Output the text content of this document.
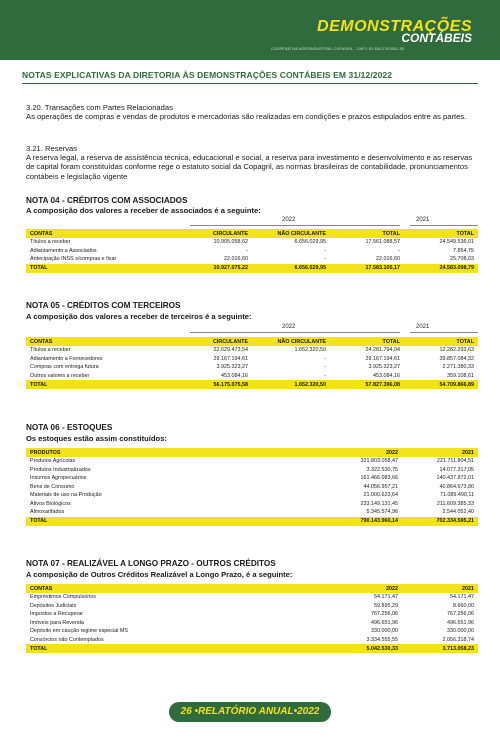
DEMONSTRAÇÕES
CONTÁBEIS
COOPERATIVA AGROINDUSTRIAL COPAGRIL - CNPJ: 81.584.278/0001-55
NOTAS EXPLICATIVAS DA DIRETORIA ÀS DEMONSTRAÇÕES CONTÁBEIS EM 31/12/2022
3.20. Transações com Partes Relacionadas
As operações de compras e vendas de produtos e mercadorias são realizadas em condições e prazos estipulados entre as partes.
3.21. Reservas
A reserva legal, a reserva de assistência técnica, educacional e social, a reserva para investimento e desenvolvimento e as reservas de capital foram constituídas conforme rege o estatuto social da Copagril, as normas brasileiras de contabilidade, pronunciamentos contábeis e legislação vigente
NOTA 04 - CRÉDITOS COM ASSOCIADOS
A composição dos valores a receber de associados é a seguinte:
2022	2021
CONTAS	CIRCULANTE	NÃO CIRCULANTE	TOTAL	TOTAL
Títulos a receber	10.905.058,62	6.656.029,95	17.561.088,57	24.549.536,01
Adiantamento a Associados	-	-	-	7.854,75
Antecipação INSS s/compras e fixar	22.016,60	-	22.016,60	25.708,03
TOTAL	10.927.075,22	6.656.029,95	17.583.105,17	24.583.098,79
NOTA 05 - CRÉDITOS COM TERCEIROS
A composição dos valores a receber de terceiros é a seguinte:
2022	2021
CONTAS	CIRCULANTE	NÃO CIRCULANTE	TOTAL	TOTAL
Títulos a receber	22.629.473,54	1.652.320,50	24.281.794,04	12.282.293,63
Adiantamento a Fornecedores	29.167.194,61	-	29.167.194,61	39.857.084,32
Compras com entrega futura	3.925.323,27	-	3.925.323,27	2.271.380,33
Outros valores a receber	453.084,16	-	453.084,16	359.108,61
TOTAL	56.175.075,58	1.652.320,50	57.827.396,08	54.709.866,89
NOTA 06 - ESTOQUES
Os estoques estão assim constituídos:
PRODUTOS	2022	2021
Produtos Agrícolas	321.803.058,47	221.711.804,51
Produtos Industrializados	3.322.530,75	14.077.317,05
Insumos Agropecuários	161.466.083,66	140.437.872,01
Bens de Consumo	44.056.957,21	40.864.673,80
Materiais de uso na Produção	21.000.623,64	71.089.490,11
Ativos Biológicos	233.149.131,45	211.609.385,33
Almoxarifados	5.345.574,96	2.544.052,40
TOTAL	790.143.960,14	702.334.595,21
NOTA 07 - REALIZÁVEL A LONGO PRAZO - OUTROS CRÉDITOS
A composição de Outros Créditos Realizável a Longo Prazo, é a seguinte:
CONTAS	2022	2021
Empréstimos Compulsórios	54.171,47	54.171,47
Depósitos Judiciais	59.895,29	8.660,00
Impostos a Recuperar	767.256,06	767.256,06
Imóveis para Revenda	496.651,96	496.651,96
Depósito em caução regime especial MS	330.000,00	330.000,00
Consórcios não Contemplados	3.334.555,55	2.056.318,74
TOTAL	5.042.530,33	3.713.058,23
26 •RELATÓRIO ANUAL•2022
